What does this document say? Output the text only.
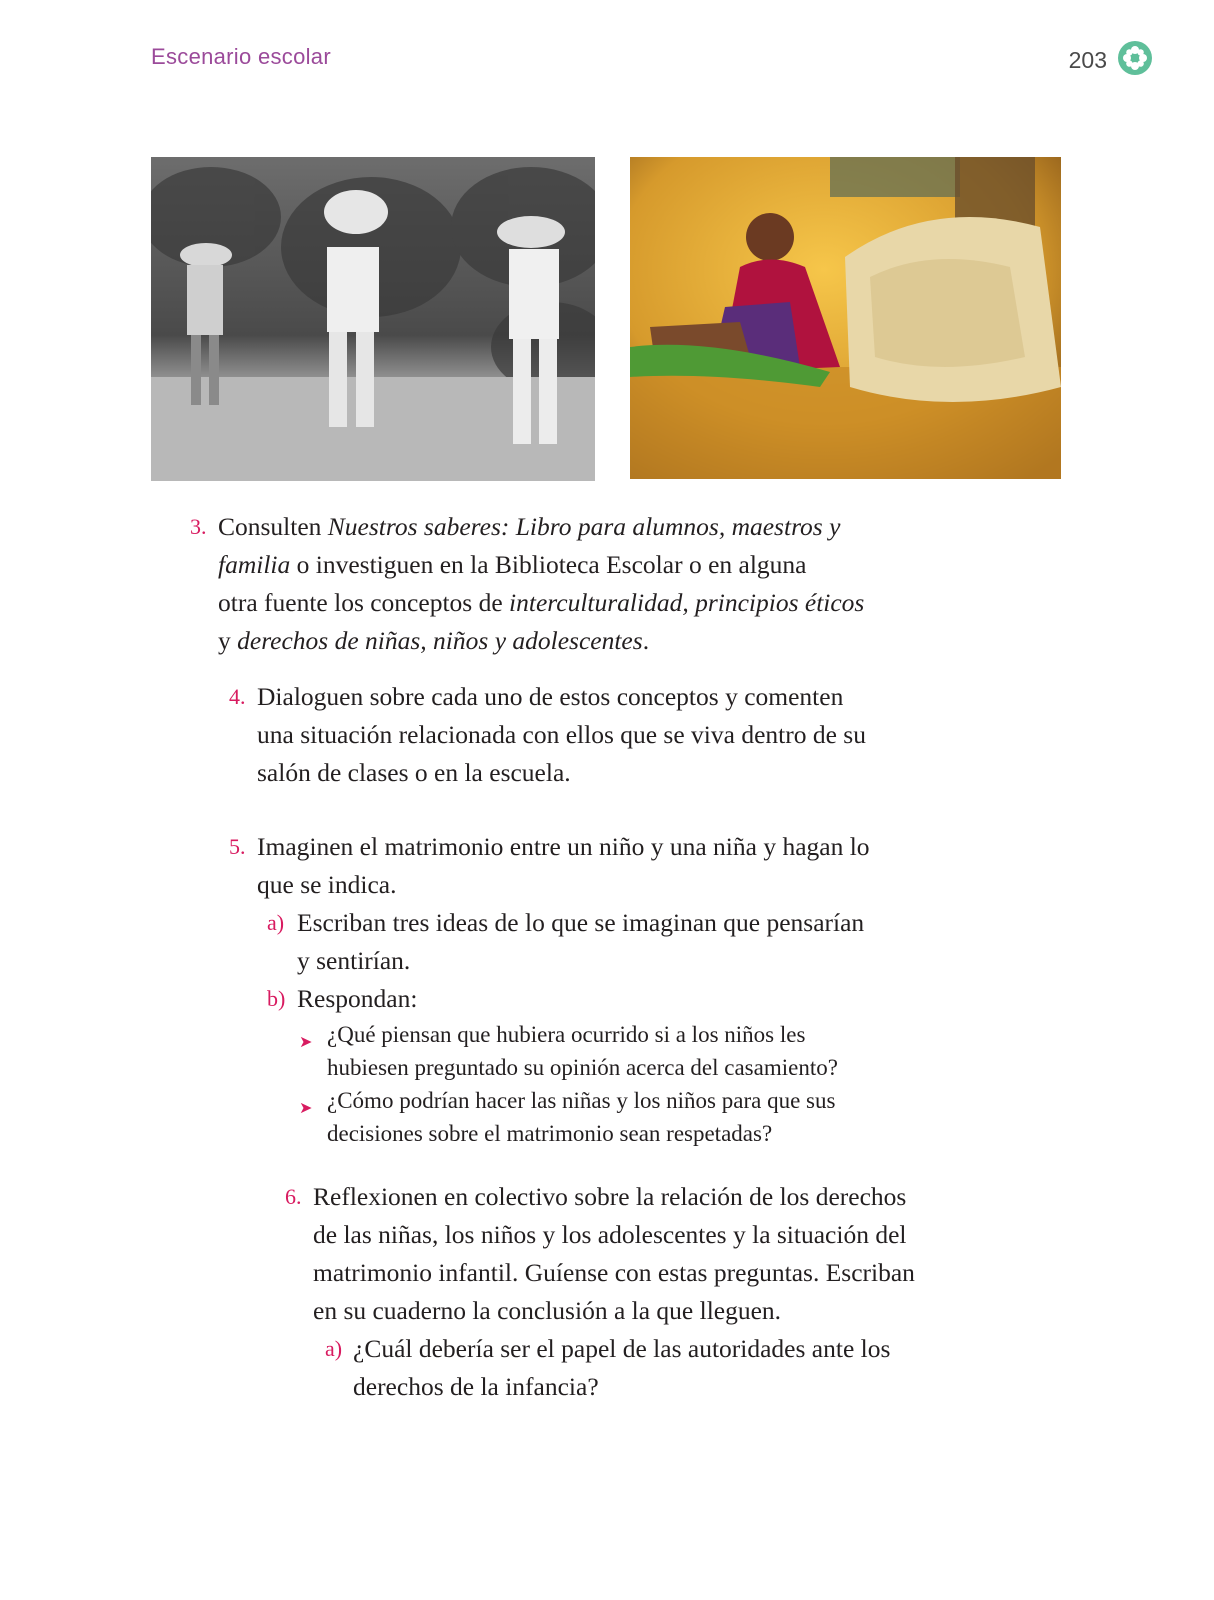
Escenario escolar	203
3. Consulten Nuestros saberes: Libro para alumnos, maestros y
familia o investiguen en la Biblioteca Escolar o en alguna
otra fuente los conceptos de interculturalidad, principios éticos
y derechos de niñas, niños y adolescentes.
4. Dialoguen sobre cada uno de estos conceptos y comenten
una situación relacionada con ellos que se viva dentro de su
salón de clases o en la escuela.
5. Imaginen el matrimonio entre un niño y una niña y hagan lo
que se indica.
a) Escriban tres ideas de lo que se imaginan que pensarían
y sentirían.
b) Respondan:
➤ ¿Qué piensan que hubiera ocurrido si a los niños les
hubiesen preguntado su opinión acerca del casamiento?
➤ ¿Cómo podrían hacer las niñas y los niños para que sus
decisiones sobre el matrimonio sean respetadas?
6. Reflexionen en colectivo sobre la relación de los derechos
de las niñas, los niños y los adolescentes y la situación del
matrimonio infantil. Guíense con estas preguntas. Escriban
en su cuaderno la conclusión a la que lleguen.
a) ¿Cuál debería ser el papel de las autoridades ante los
derechos de la infancia?
